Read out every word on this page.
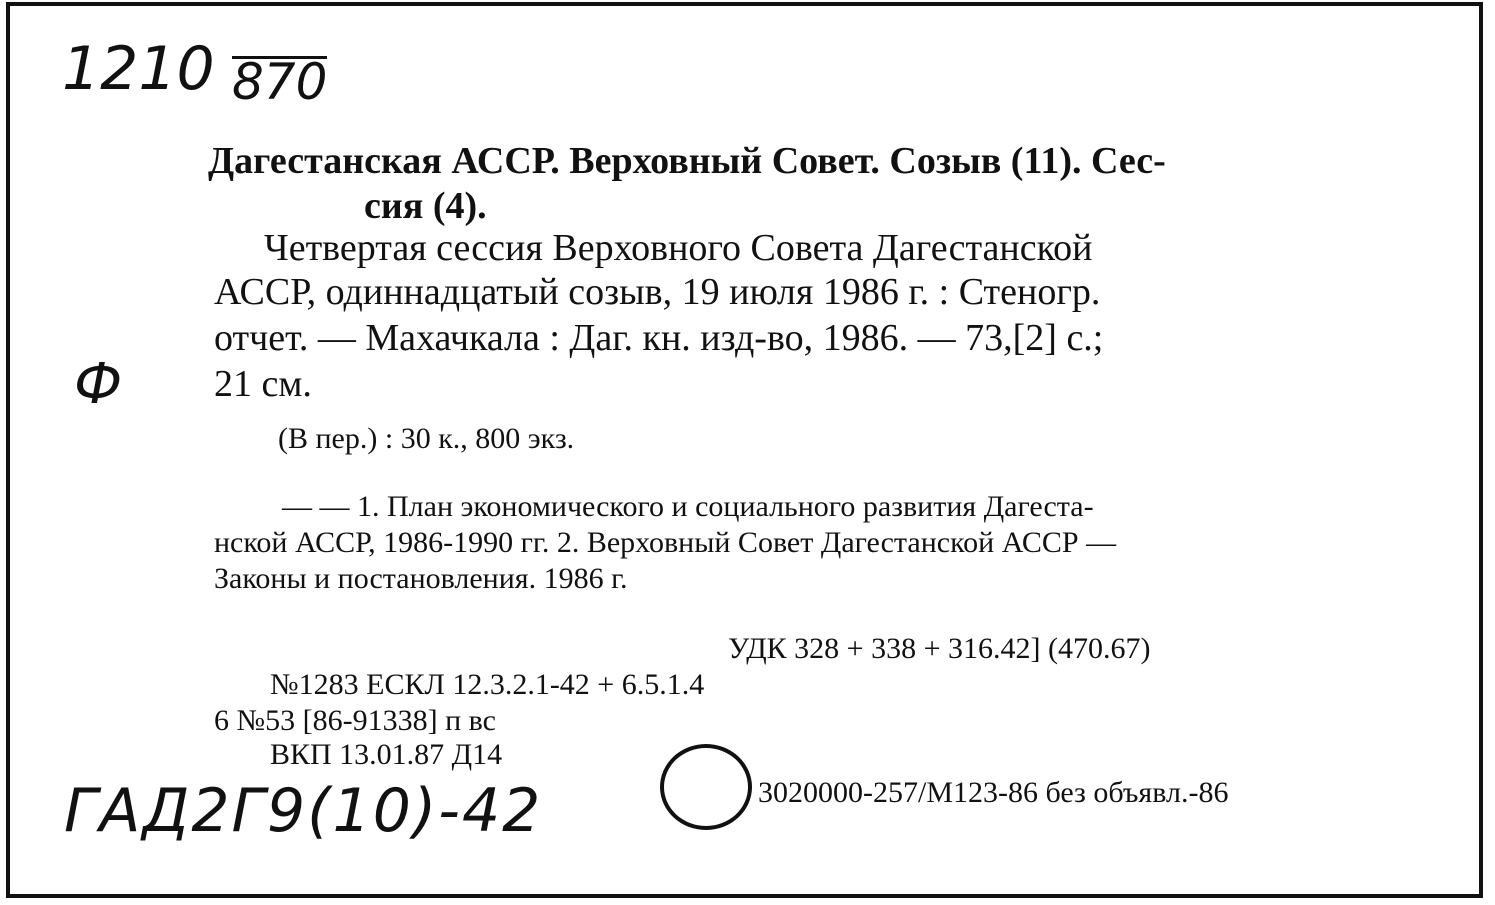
1210 870
Дагестанская АССР. Верховный Совет. Созыв (11). Сес-
сия (4).
Четвертая сессия Верховного Совета Дагестанской
АССР, одиннадцатый созыв, 19 июля 1986 г. : Стеногр.
отчет. — Махачкала : Даг. кн. изд-во, 1986. — 73,[2] с.;
21 см.
Ф
(В пер.) : 30 к., 800 экз.
— — 1. План экономического и социального развития Дагеста-
нской АССР, 1986-1990 гг. 2. Верховный Совет Дагестанской АССР —
Законы и постановления. 1986 г.
УДК 328 + 338 + 316.42] (470.67)
№1283 ЕСКЛ 12.3.2.1-42 + 6.5.1.4
6 №53 [86-91338] п вс
ВКП 13.01.87 Д14
3020000-257/М123-86 без объявл.-86
ГАД2Г9(10)-42
